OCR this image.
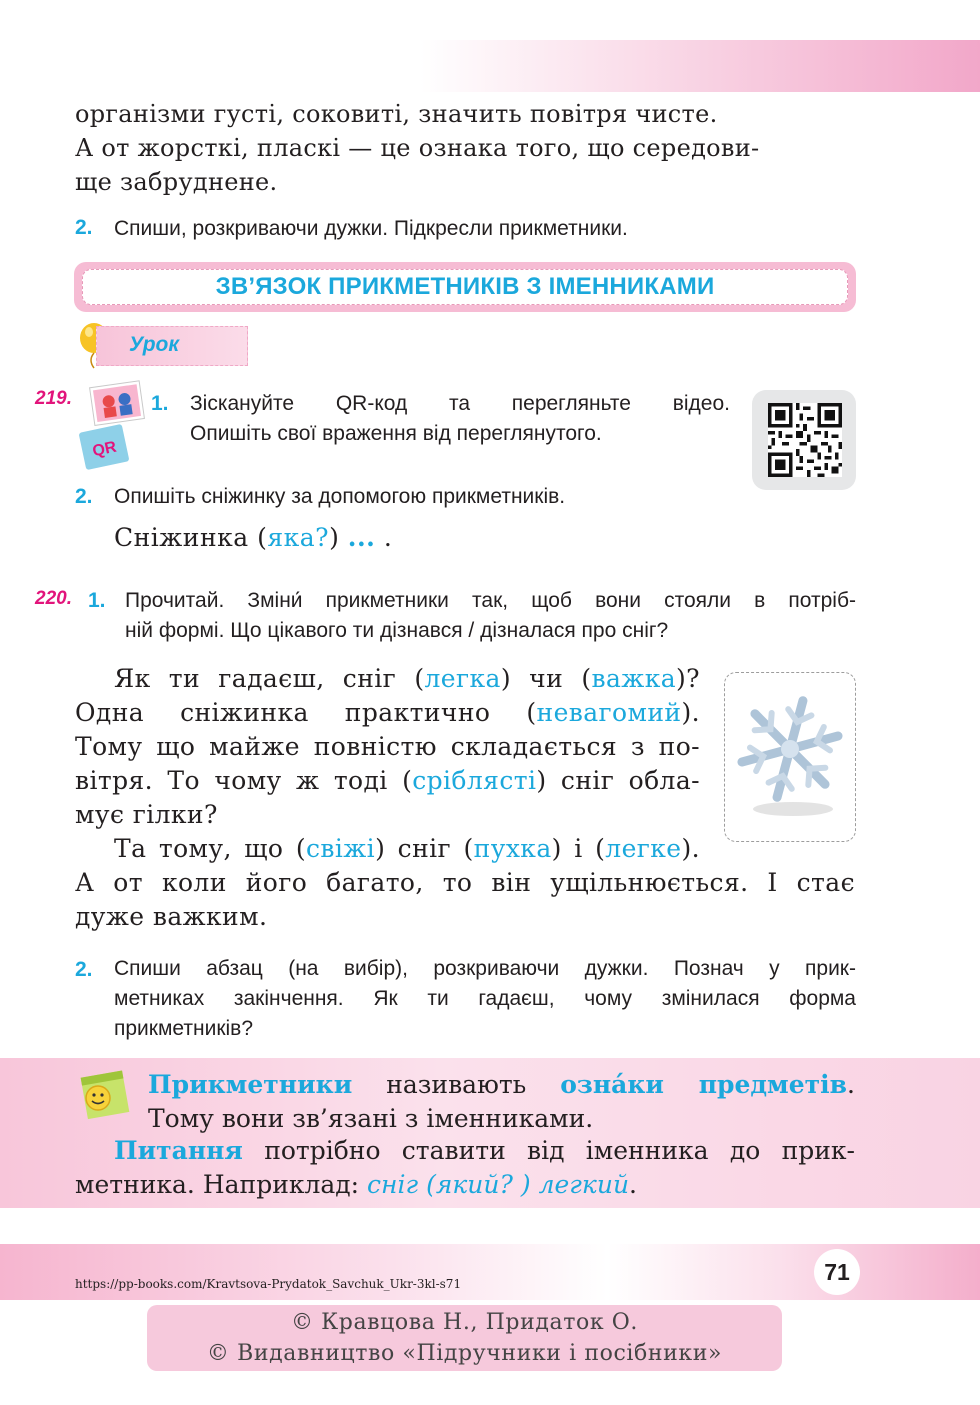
організми густі, соковиті, значить повітря чисте.
А от жорсткі, пласкі — це ознака того, що середови-
ще забруднене.

2. Спиши, розкриваючи дужки. Підкресли прикметники.
ЗВ’ЯЗОК ПРИКМЕТНИКІВ З ІМЕННИКАМИ
Урок
219.
QR
1. Зіскануйте QR-код та перегляньте відео.
Опишіть свої враження від переглянутого.
2. Опишіть сніжинку за допомогою прикметників.
Сніжинка (яка?) ... .
220. 1. Прочитай. Зміни́ прикметники так, щоб вони стояли в потріб-
ній формі. Що цікавого ти дізнався / дізналася про сніг?
Як ти гадаєш, сніг (легка) чи (важка)?
Одна сніжинка практично (невагомий).
Тому що майже повністю складається з по-
вітря. То чому ж тоді (сріблясті) сніг обла-
мує гілки?
Та тому, що (свіжі) сніг (пухка) і (легке).
А от коли його багато, то він ущільнюється. І стає
дуже важким.
2. Спиши абзац (на вибір), розкриваючи дужки. Познач у прик-
метниках закінчення. Як ти гадаєш, чому змінилася форма
прикметників?
Прикметники називають озна́ки предметів.
Тому вони зв’язані з іменниками.
Питання потрібно ставити від іменника до прик-
метника. Наприклад: сніг (який? ) легкий.
71
https://pp-books.com/Kravtsova-Prydatok_Savchuk_Ukr-3kl-s71
© Кравцова Н., Придаток О.
© Видавництво «Підручники і посібники»
